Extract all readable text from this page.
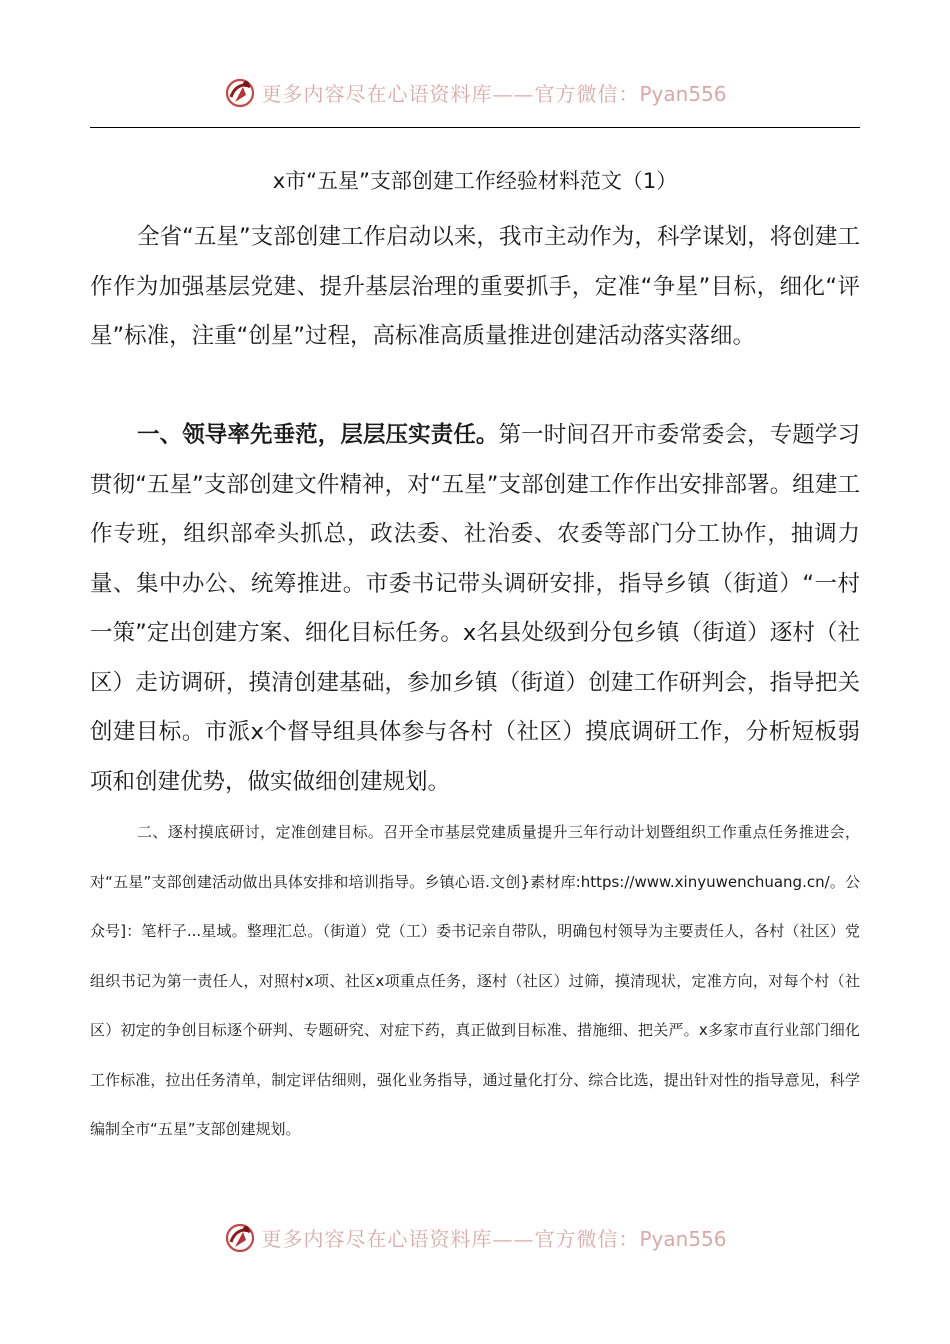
更多内容尽在心语资料库——官方微信：Pyan556
x市“五星”支部创建工作经验材料范文（1）

全省“五星”支部创建工作启动以来，我市主动作为，科学谋划，将创建工作作为加强基层党建、提升基层治理的重要抓手，定准“争星”目标，细化“评星”标准，注重“创星”过程，高标准高质量推进创建活动落实落细。

一、领导率先垂范，层层压实责任。第一时间召开市委常委会，专题学习贯彻“五星”支部创建文件精神，对“五星”支部创建工作作出安排部署。组建工作专班，组织部牵头抓总，政法委、社治委、农委等部门分工协作，抽调力量、集中办公、统筹推进。市委书记带头调研安排，指导乡镇（街道）“一村一策”定出创建方案、细化目标任务。x名县处级到分包乡镇（街道）逐村（社区）走访调研，摸清创建基础，参加乡镇（街道）创建工作研判会，指导把关创建目标。市派x个督导组具体参与各村（社区）摸底调研工作，分析短板弱项和创建优势，做实做细创建规划。

二、逐村摸底研讨，定准创建目标。召开全市基层党建质量提升三年行动计划暨组织工作重点任务推进会，对“五星”支部创建活动做出具体安排和培训指导。乡镇心语.文创}素材库:https://www.xinyuwenchuang.cn/。公众号]：笔杆子...星域。整理汇总。（街道）党（工）委书记亲自带队，明确包村领导为主要责任人，各村（社区）党组织书记为第一责任人，对照村x项、社区x项重点任务，逐村（社区）过筛，摸清现状，定准方向，对每个村（社区）初定的争创目标逐个研判、专题研究、对症下药，真正做到目标准、措施细、把关严。x多家市直行业部门细化工作标准，拉出任务清单，制定评估细则，强化业务指导，通过量化打分、综合比选，提出针对性的指导意见，科学编制全市“五星”支部创建规划。

更多内容尽在心语资料库——官方微信：Pyan556
